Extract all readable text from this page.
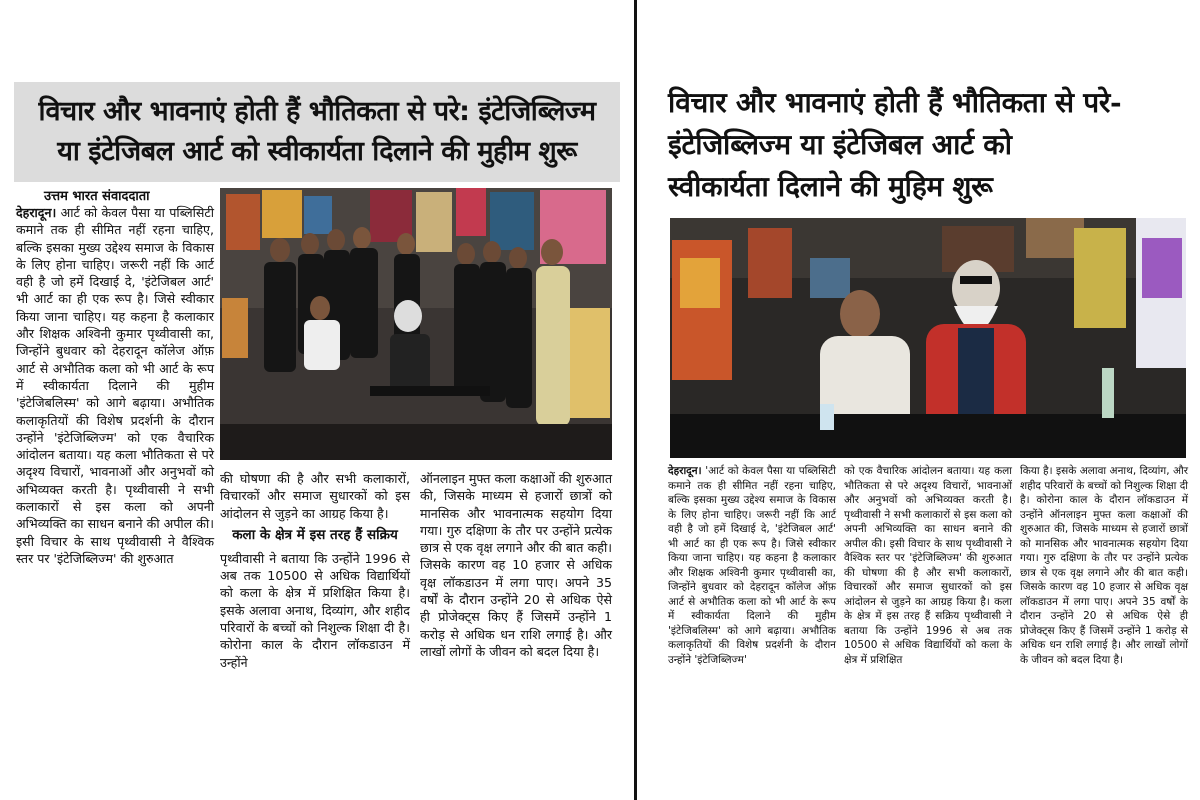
विचार और भावनाएं होती हैं भौतिकता से परे: इंटेजिब्लिज्म
या इंटेजिबल आर्ट को स्वीकार्यता दिलाने की मुहीम शुरू
उत्तम भारत संवाददाता
देहरादून। आर्ट को केवल पैसा या पब्लिसिटी कमाने तक ही सीमित नहीं रहना चाहिए, बल्कि इसका मुख्य उद्देश्य समाज के विकास के लिए होना चाहिए। जरूरी नहीं कि आर्ट वही है जो हमें दिखाई दे, 'इंटेजिबल आर्ट' भी आर्ट का ही एक रूप है। जिसे स्वीकार किया जाना चाहिए। यह कहना है कलाकार और शिक्षक अश्विनी कुमार पृथ्वीवासी का, जिन्होंने बुधवार को देहरादून कॉलेज ऑफ़ आर्ट से अभौतिक कला को भी आर्ट के रूप में स्वीकार्यता दिलाने की मुहीम 'इंटेजिबलिस्म' को आगे बढ़ाया। अभौतिक कलाकृतियों की विशेष प्रदर्शनी के दौरान उन्होंने 'इंटेजिब्लिज्म' को एक वैचारिक आंदोलन बताया। यह कला भौतिकता से परे अदृश्य विचारों, भावनाओं और अनुभवों को अभिव्यक्त करती है। पृथ्वीवासी ने सभी कलाकारों से इस कला को अपनी अभिव्यक्ति का साधन बनाने की अपील की। इसी विचार के साथ पृथ्वीवासी ने वैश्विक स्तर पर 'इंटेजिब्लिज्म' की शुरुआत
की घोषणा की है और सभी कलाकारों, विचारकों और समाज सुधारकों को इस आंदोलन से जुड़ने का आग्रह किया है।
कला के क्षेत्र में इस तरह हैं सक्रिय
पृथ्वीवासी ने बताया कि उन्होंने 1996 से अब तक 10500 से अधिक विद्यार्थियों को कला के क्षेत्र में प्रशिक्षित किया है। इसके अलावा अनाथ, दिव्यांग, और शहीद परिवारों के बच्चों को निशुल्क शिक्षा दी है। कोरोना काल के दौरान लॉकडाउन में उन्होंने
ऑनलाइन मुफ्त कला कक्षाओं की शुरुआत की, जिसके माध्यम से हजारों छात्रों को मानसिक और भावनात्मक सहयोग दिया गया। गुरु दक्षिणा के तौर पर उन्होंने प्रत्येक छात्र से एक वृक्ष लगाने और की बात कही। जिसके कारण वह 10 हजार से अधिक वृक्ष लॉकडाउन में लगा पाए। अपने 35 वर्षों के दौरान उन्होंने 20 से अधिक ऐसे ही प्रोजेक्ट्स किए हैं जिसमें उन्होंने 1 करोड़ से अधिक धन राशि लगाई है। और लाखों लोगों के जीवन को बदल दिया है।
विचार और भावनाएं होती हैं भौतिकता से परे-
इंटेजिब्लिज्म या इंटेजिबल आर्ट को
स्वीकार्यता दिलाने की मुहिम शुरू
देहरादून। 'आर्ट को केवल पैसा या पब्लिसिटी कमाने तक ही सीमित नहीं रहना चाहिए, बल्कि इसका मुख्य उद्देश्य समाज के विकास के लिए होना चाहिए। जरूरी नहीं कि आर्ट वही है जो हमें दिखाई दे, 'इंटेजिबल आर्ट' भी आर्ट का ही एक रूप है। जिसे स्वीकार किया जाना चाहिए। यह कहना है कलाकार और शिक्षक अश्विनी कुमार पृथ्वीवासी का, जिन्होंने बुधवार को देहरादून कॉलेज ऑफ़ आर्ट से अभौतिक कला को भी आर्ट के रूप में स्वीकार्यता दिलाने की मुहीम 'इंटेजिबलिस्म' को आगे बढ़ाया। अभौतिक कलाकृतियों की विशेष प्रदर्शनी के दौरान उन्होंने 'इंटेजिब्लिज्म'
को एक वैचारिक आंदोलन बताया। यह कला भौतिकता से परे अदृश्य विचारों, भावनाओं और अनुभवों को अभिव्यक्त करती है। पृथ्वीवासी ने सभी कलाकारों से इस कला को अपनी अभिव्यक्ति का साधन बनाने की अपील की। इसी विचार के साथ पृथ्वीवासी ने वैश्विक स्तर पर 'इंटेजिब्लिज्म' की शुरुआत की घोषणा की है और सभी कलाकारों, विचारकों और समाज सुधारकों को इस आंदोलन से जुड़ने का आग्रह किया है। कला के क्षेत्र में इस तरह हैं सक्रिय पृथ्वीवासी ने बताया कि उन्होंने 1996 से अब तक 10500 से अधिक विद्यार्थियों को कला के क्षेत्र में प्रशिक्षित
किया है। इसके अलावा अनाथ, दिव्यांग, और शहीद परिवारों के बच्चों को निशुल्क शिक्षा दी है। कोरोना काल के दौरान लॉकडाउन में उन्होंने ऑनलाइन मुफ्त कला कक्षाओं की शुरुआत की, जिसके माध्यम से हजारों छात्रों को मानसिक और भावनात्मक सहयोग दिया गया। गुरु दक्षिणा के तौर पर उन्होंने प्रत्येक छात्र से एक वृक्ष लगाने और की बात कही। जिसके कारण वह 10 हजार से अधिक वृक्ष लॉकडाउन में लगा पाए। अपने 35 वर्षों के दौरान उन्होंने 20 से अधिक ऐसे ही प्रोजेक्ट्स किए हैं जिसमें उन्होंने 1 करोड़ से अधिक धन राशि लगाई है। और लाखों लोगों के जीवन को बदल दिया है।
